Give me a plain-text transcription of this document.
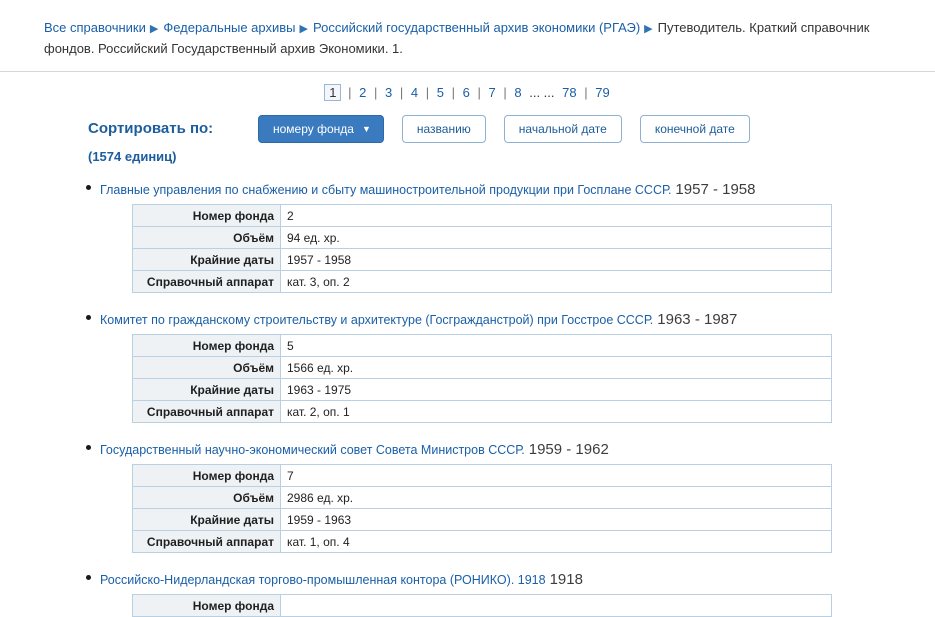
Все справочники ▶ Федеральные архивы ▶ Российский государственный архив экономики (РГАЭ) ▶ Путеводитель. Краткий справочник фондов. Российский Государственный архив Экономики. 1.
1 | 2 | 3 | 4 | 5 | 6 | 7 | 8 ... ... 78 | 79
Сортировать по:
(1574 единиц)
номеру фонда ▼	названию	начальной дате	конечной дате
Главные управления по снабжению и сбыту машиностроительной продукции при Госплане СССР. 1957 - 1958
Номер фонда	2
Объём	94 ед. хр.
Крайние даты	1957 - 1958
Справочный аппарат	кат. 3, оп. 2
Комитет по гражданскому строительству и архитектуре (Госгражданстрой) при Госстрое СССР. 1963 - 1987
Номер фонда	5
Объём	1566 ед. хр.
Крайние даты	1963 - 1975
Справочный аппарат	кат. 2, оп. 1
Государственный научно-экономический совет Совета Министров СССР. 1959 - 1962
Номер фонда	7
Объём	2986 ед. хр.
Крайние даты	1959 - 1963
Справочный аппарат	кат. 1, оп. 4
Российско-Нидерландская торгово-промышленная контора (РОНИКО). 1918 1918
Номер фонда	
